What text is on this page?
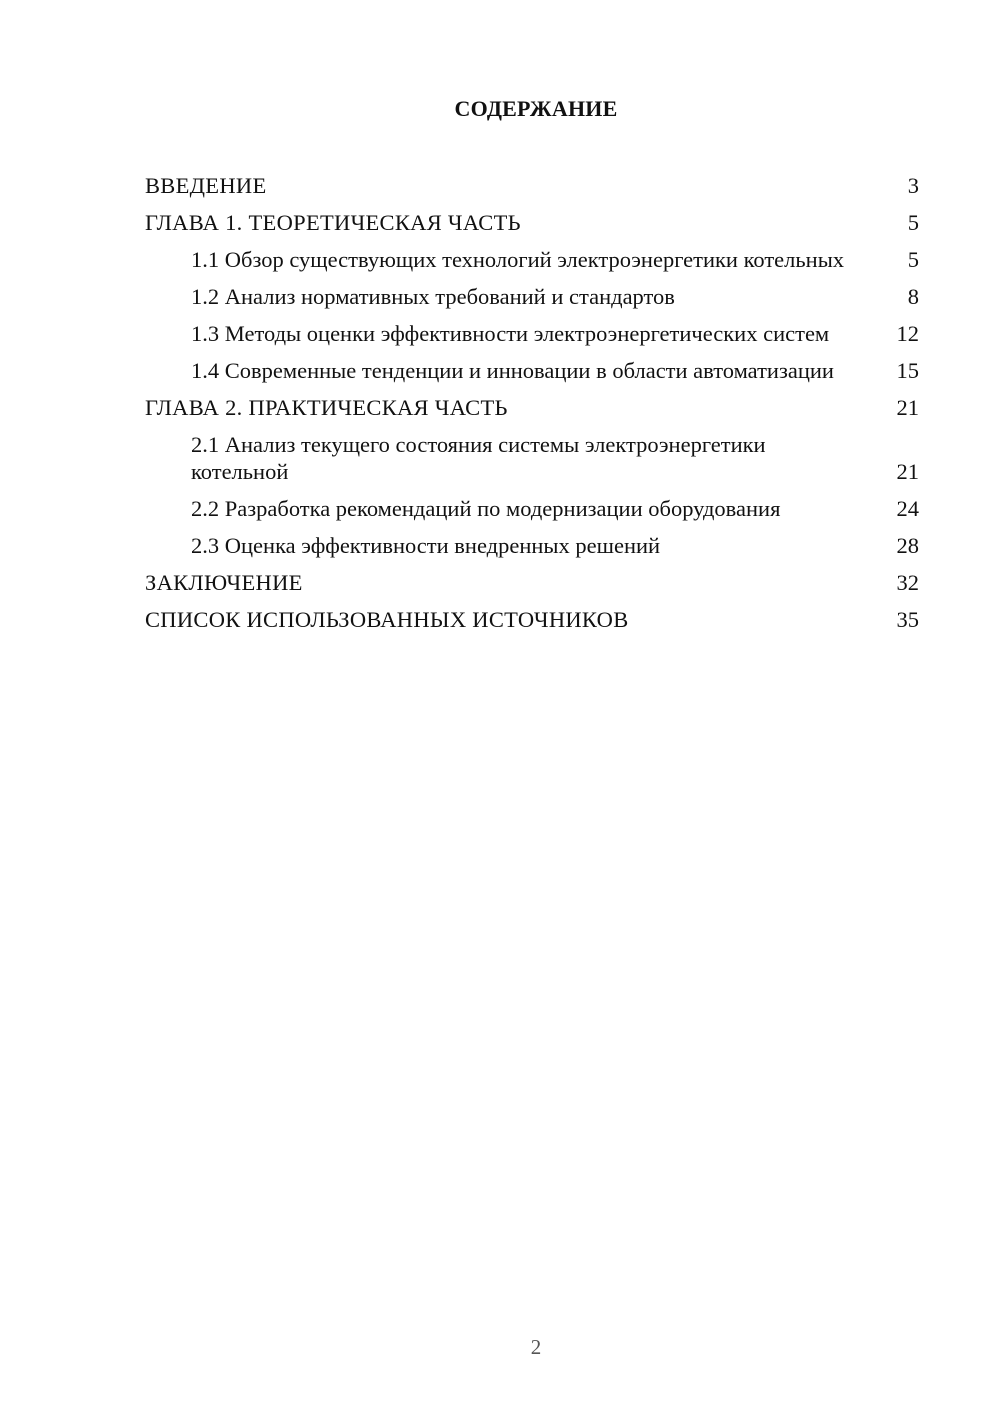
СОДЕРЖАНИЕ
ВВЕДЕНИЕ	3
ГЛАВА 1. ТЕОРЕТИЧЕСКАЯ ЧАСТЬ	5
1.1 Обзор существующих технологий электроэнергетики котельных	5
1.2 Анализ нормативных требований и стандартов	8
1.3 Методы оценки эффективности электроэнергетических систем	12
1.4 Современные тенденции и инновации в области автоматизации	15
ГЛАВА 2. ПРАКТИЧЕСКАЯ ЧАСТЬ	21
2.1 Анализ текущего состояния системы электроэнергетики котельной	21
2.2 Разработка рекомендаций по модернизации оборудования	24
2.3 Оценка эффективности внедренных решений	28
ЗАКЛЮЧЕНИЕ	32
СПИСОК ИСПОЛЬЗОВАННЫХ ИСТОЧНИКОВ	35
2
